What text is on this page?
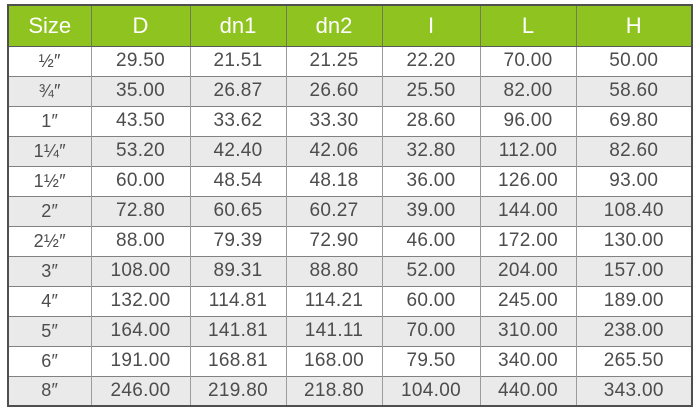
Size	D	dn1	dn2	I	L	H
½″	29.50	21.51	21.25	22.20	70.00	50.00
¾″	35.00	26.87	26.60	25.50	82.00	58.60
1″	43.50	33.62	33.30	28.60	96.00	69.80
1¼″	53.20	42.40	42.06	32.80	112.00	82.60
1½″	60.00	48.54	48.18	36.00	126.00	93.00
2″	72.80	60.65	60.27	39.00	144.00	108.40
2½″	88.00	79.39	72.90	46.00	172.00	130.00
3″	108.00	89.31	88.80	52.00	204.00	157.00
4″	132.00	114.81	114.21	60.00	245.00	189.00
5″	164.00	141.81	141.11	70.00	310.00	238.00
6″	191.00	168.81	168.00	79.50	340.00	265.50
8″	246.00	219.80	218.80	104.00	440.00	343.00
